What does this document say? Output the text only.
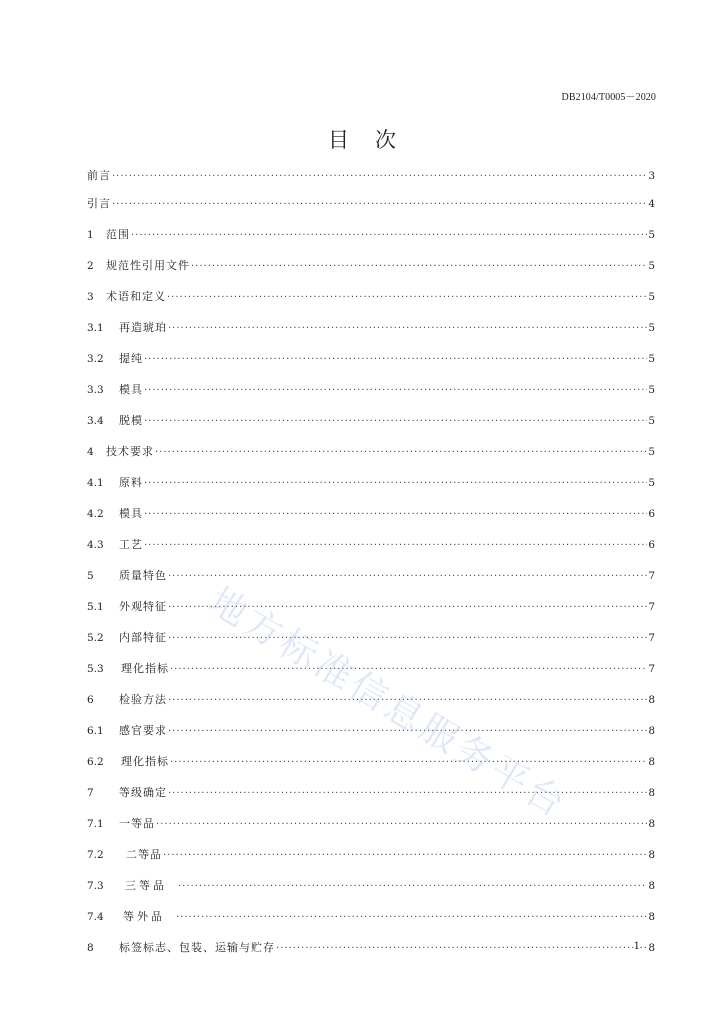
DB2104/T0005－2020
目次
前言 ·····	3
引言 ·····	4
1	范围 ·····	5
2	规范性引用文件 ·····	5
3	术语和定义 ·····	5
3.1	再造琥珀 ·····	5
3.2	提纯 ·····	5
3.3	模具 ·····	5
3.4	脱模 ·····	5
4	技术要求 ·····	5
4.1	原料 ·····	5
4.2	模具 ·····	6
4.3	工艺 ·····	6
5	质量特色 ·····	7
5.1	外观特征 ·····	7
5.2	内部特征 ·····	7
5.3	理化指标 ·····	7
6	检验方法 ·····	8
6.1	感官要求 ·····	8
6.2	理化指标 ·····	8
7	等级确定 ·····	8
7.1	一等品 ·····	8
7.2	二等品 ·····	8
7.3	三等品 ·····	8
7.4	等外品 ·····	8
8	标签标志、包装、运输与贮存 ·····	8
地方标准信息服务平台
1
